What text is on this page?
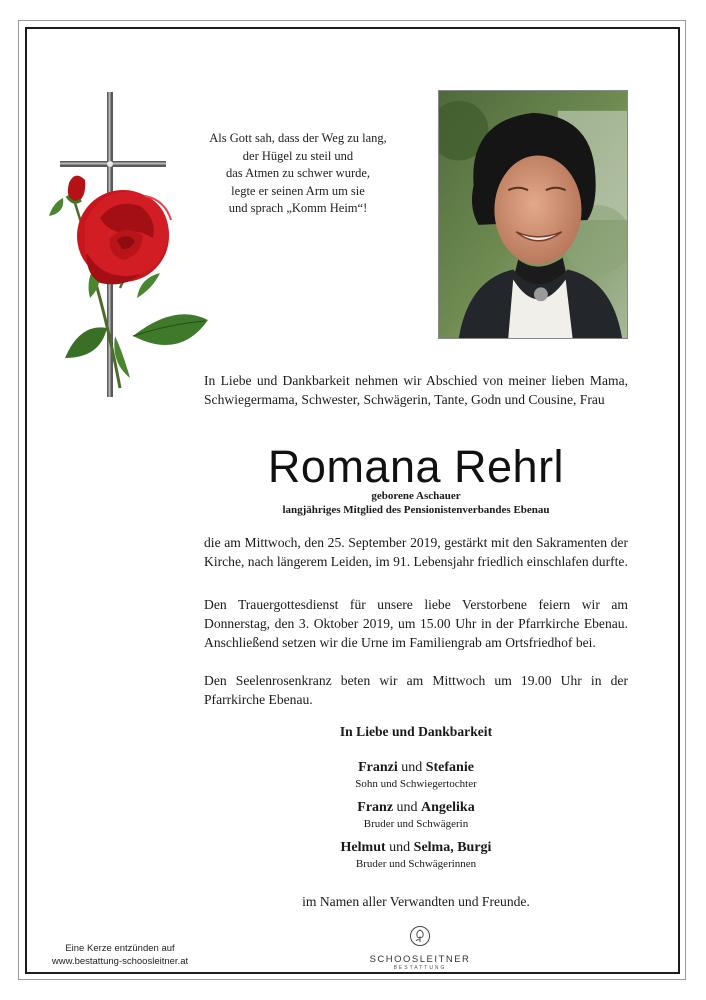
Als Gott sah, dass der Weg zu lang,
der Hügel zu steil und
das Atmen zu schwer wurde,
legte er seinen Arm um sie
und sprach „Komm Heim“!
In Liebe und Dankbarkeit nehmen wir Abschied von meiner lieben Mama, Schwiegermama, Schwester, Schwägerin, Tante, Godn und Cousine, Frau
Romana Rehrl
geborene Aschauer
langjähriges Mitglied des Pensionistenverbandes Ebenau
die am Mittwoch, den 25. September 2019, gestärkt mit den Sakramenten der Kirche, nach längerem Leiden, im 91. Lebensjahr friedlich einschlafen durfte.
Den Trauergottesdienst für unsere liebe Verstorbene feiern wir am Donnerstag, den 3. Oktober 2019, um 15.00 Uhr in der Pfarrkirche Ebenau. Anschließend setzen wir die Urne im Familiengrab am Ortsfriedhof bei.
Den Seelenrosenkranz beten wir am Mittwoch um 19.00 Uhr in der Pfarrkirche Ebenau.
In Liebe und Dankbarkeit
Franzi und Stefanie
Sohn und Schwiegertochter
Franz und Angelika
Bruder und Schwägerin
Helmut und Selma, Burgi
Bruder und Schwägerinnen
im Namen aller Verwandten und Freunde.
Eine Kerze entzünden auf
www.bestattung-schoosleitner.at	SCHOOSLEITNER
BESTATTUNG
